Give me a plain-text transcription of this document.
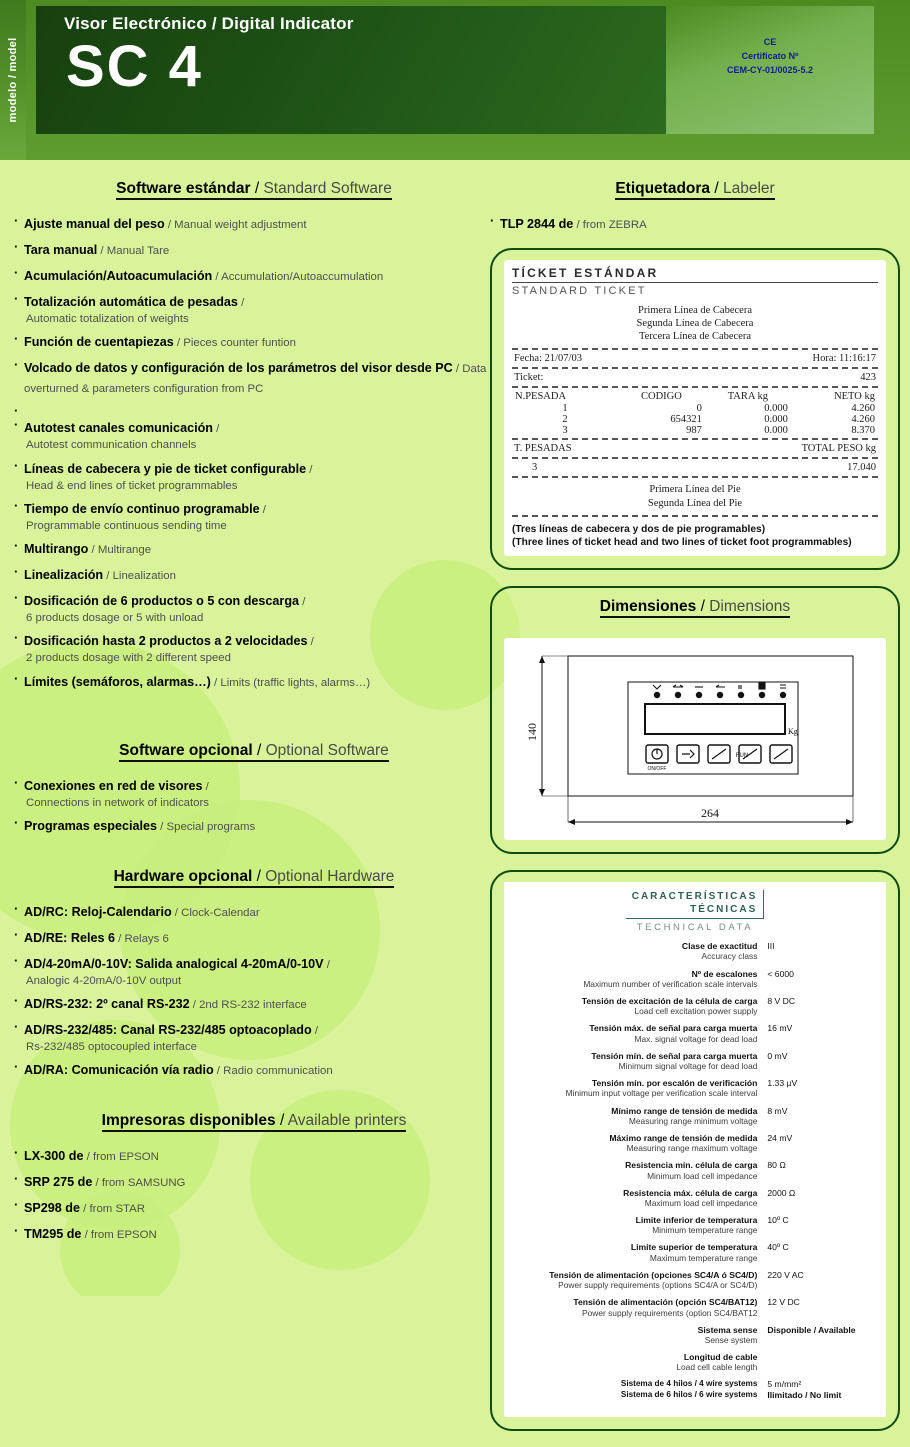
modelo / model
Visor Electrónico / Digital Indicator
SC 4	CE
Certificato Nº
CEM-CY-01/0025-5.2
Software estándar / Standard Software
· Ajuste manual del peso / Manual weight adjustment
· Tara manual / Manual Tare
· Acumulación/Autoacumulación / Accumulation/Autoaccumulation
· Totalización automática de pesadas /
Automatic totalization of weights
· Función de cuentapiezas / Pieces counter funtion
· Volcado de datos y configuración de los parámetros del visor desde PC / Data overturned & parameters configuration from PC
·
· Autotest canales comunicación /
Autotest communication channels
· Líneas de cabecera y pie de ticket configurable /
Head & end lines of ticket programmables
· Tiempo de envío continuo programable /
Programmable continuous sending time
· Multirango / Multirange
· Linealización / Linealization
· Dosificación de 6 productos o 5 con descarga /
6 products dosage or 5 with unload
· Dosificación hasta 2 productos a 2 velocidades /
2 products dosage with 2 different speed
· Límites (semáforos, alarmas…) / Limits (traffic lights, alarms…)
Software opcional / Optional Software
· Conexiones en red de visores /
Connections in network of indicators
· Programas especiales / Special programs
Hardware opcional / Optional Hardware
· AD/RC: Reloj-Calendario / Clock-Calendar
· AD/RE: Reles 6 / Relays 6
· AD/4-20mA/0-10V: Salida analogical 4-20mA/0-10V /
Analogic 4-20mA/0-10V output
· AD/RS-232: 2º canal RS-232 / 2nd RS-232 interface
· AD/RS-232/485: Canal RS-232/485 optoacoplado /
Rs-232/485 optocoupled interface
· AD/RA: Comunicación vía radio / Radio communication
Impresoras disponibles / Available printers
· LX-300 de / from EPSON
· SRP 275 de / from SAMSUNG
· SP298 de / from STAR
· TM295 de / from EPSON
Etiquetadora / Labeler
· TLP 2844 de / from ZEBRA
TÍCKET ESTÁNDAR
STANDARD TICKET
Primera Línea de Cabecera
Segunda Línea de Cabecera
Tercera Línea de Cabecera
Fecha: 21/07/03	Hora: 11:16:17
Ticket:	423
N.PESADA	CODIGO	TARA kg	NETO kg
1	0	0.000	4.260
2	654321	0.000	4.260
3	987	0.000	8.370
T. PESADAS	TOTAL PESO kg
3	17.040
Primera Línea del Pie
Segunda Línea del Pie
(Tres líneas de cabecera y dos de pie programables)
(Three lines of ticket head and two lines of ticket foot programmables)
Dimensiones / Dimensions
Kg
FUN
ON/OFF
140
264
CARACTERÍSTICAS
TÉCNICAS
TECHNICAL DATA
Clase de exactitud
Accuracy class	III

Nº de escalones
Maximum number of verification scale intervals	< 6000

Tensión de excitación de la célula de carga
Load cell excitation power supply	8 V DC

Tensión máx. de señal para carga muerta
Max. signal voltage for dead load	16 mV

Tensión mín. de señal para carga muerta
Minimum signal voltage for dead load	0 mV

Tensión mín. por escalón de verificación
Minimum input voltage per verification scale interval	1.33 µV

Mínimo range de tensión de medida
Measuring range minimum voltage	8 mV

Máximo range de tensión de medida
Measuring range maximum voltage	24 mV

Resistencia mín. célula de carga
Minimum load cell impedance	80 Ω

Resistencia máx. célula de carga
Maximum load cell impedance	2000 Ω

Limite inferior de temperatura
Minimum temperature range	10º C

Limite superior de temperatura
Maximum temperature range	40º C

Tensión de alimentación (opciones SC4/A ó SC4/D)
Power supply requirements (options SC4/A or SC4/D)	220 V AC

Tensión de alimentación (opción SC4/BAT12)
Power supply requirements (option SC4/BAT12	12 V DC

Sistema sense
Sense system	Disponible / Available

Longitud de cable
Load cell cable length	

Sistema de 4 hilos / 4 wire systems	5 m/mm²

Sistema de 6 hilos / 6 wire systems	Ilimitado / No limit
